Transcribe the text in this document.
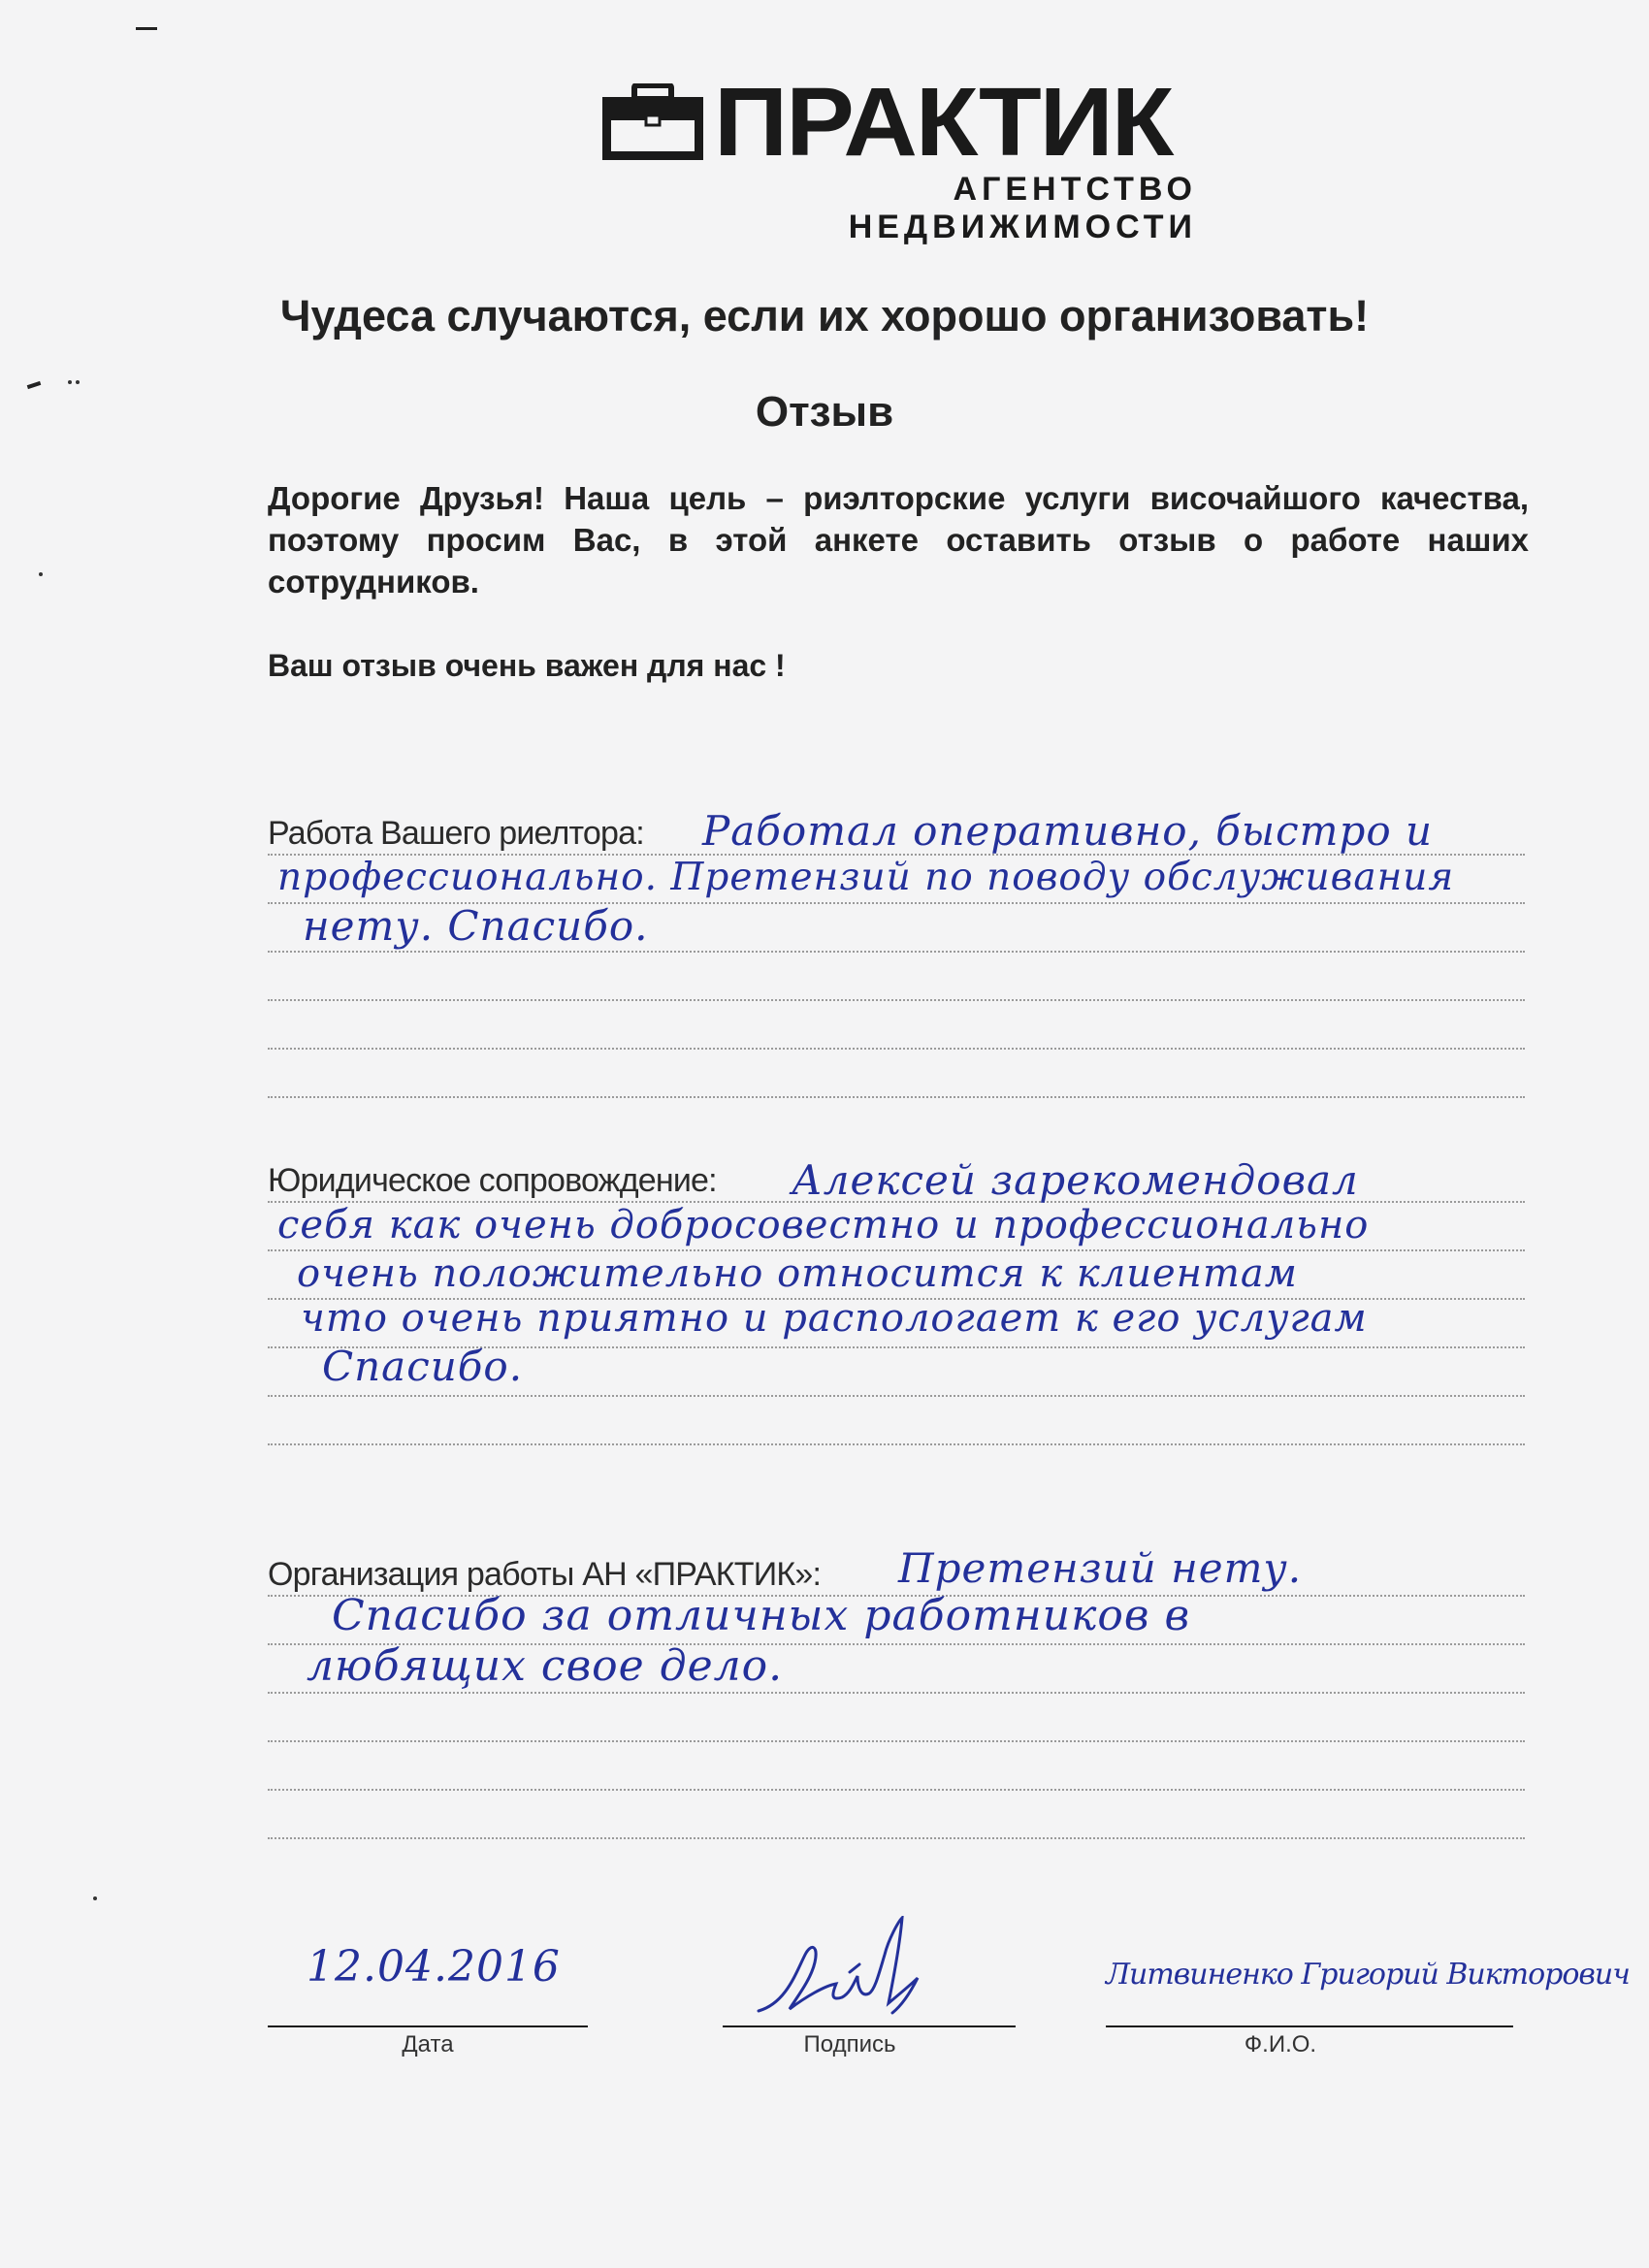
ПРАКТИК
АГЕНТСТВО НЕДВИЖИМОСТИ
Чудеса случаются, если их хорошо организовать!
Отзыв
Дорогие Друзья! Наша цель – риэлторские услуги височайшого качества, поэтому просим Вас, в этой анкете оставить отзыв о работе наших сотрудников.
Ваш отзыв очень важен для нас !
Работа Вашего риелтора:	Работал оперативно, быстро и
профессионально. Претензий по поводу обслуживания
нету. Спасибо.
Юридическое сопровождение:	Алексей зарекомендовал
себя как очень добросовестно и профессионально
очень положительно относится к клиентам
что очень приятно и распологает к его услугам
Спасибо.
Организация работы АН «ПРАКТИК»:	Претензий нету.
Спасибо за отличных работников в
любящих свое дело.
12.04.2016
Дата	Подпись
Литвиненко Григорий Викторович
Ф.И.О.
